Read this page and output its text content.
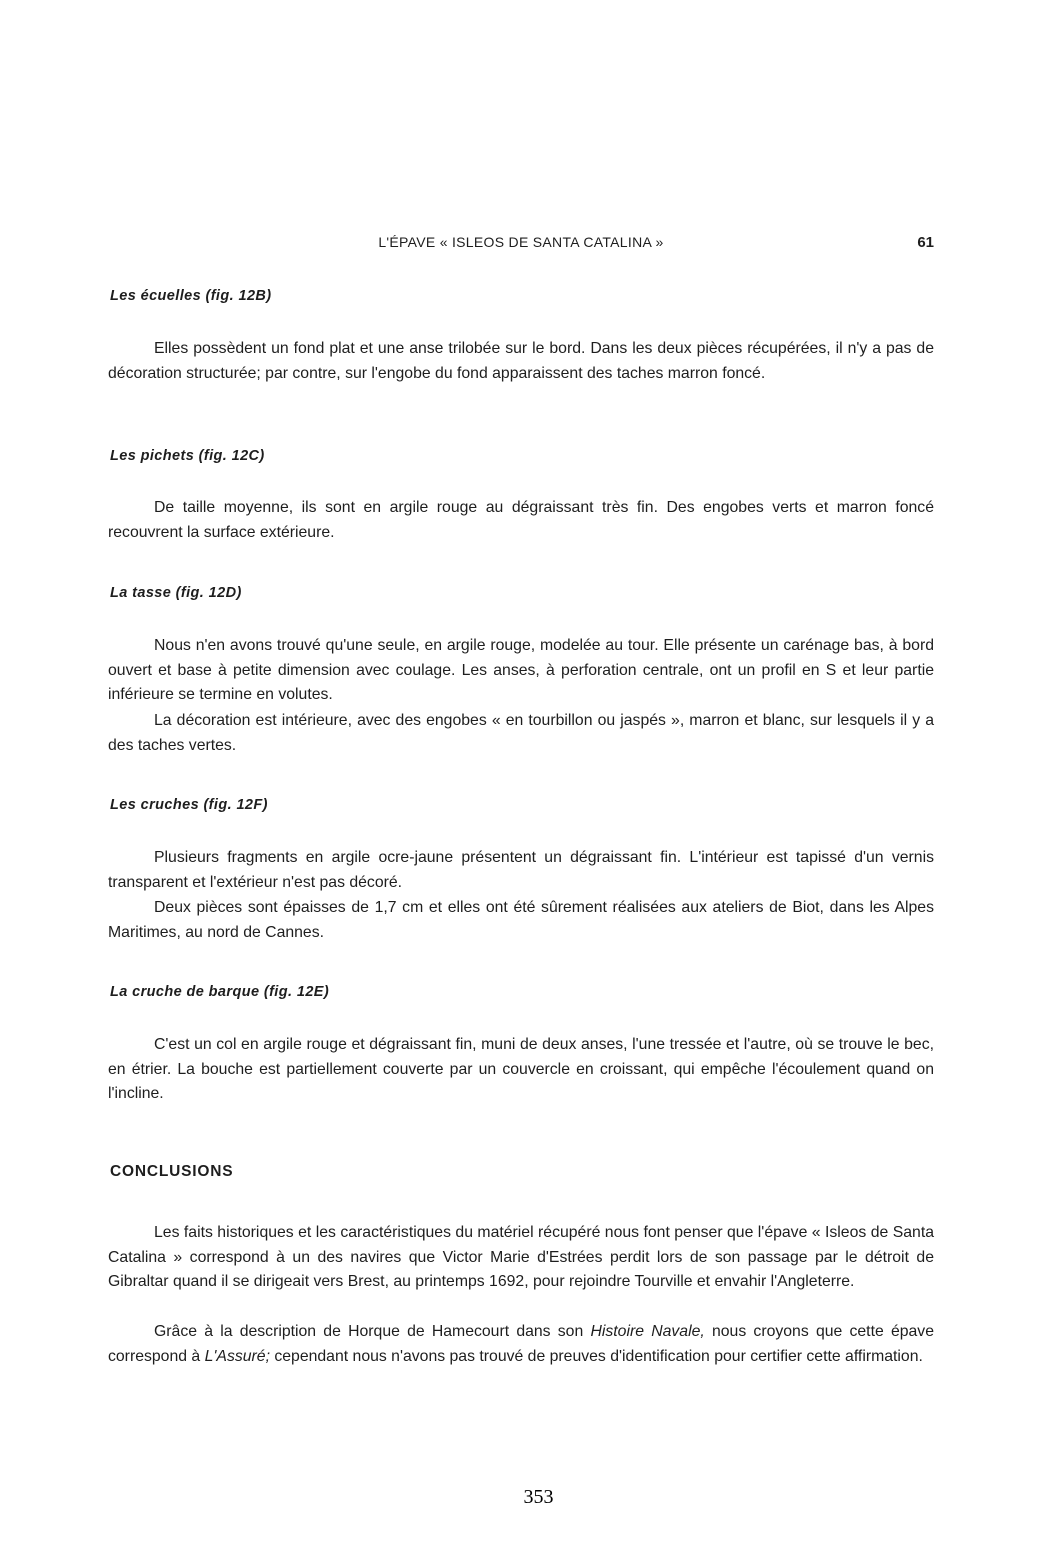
L'ÉPAVE « ISLEOS DE SANTA CATALINA »	61
Les écuelles (fig. 12B)

Elles possèdent un fond plat et une anse trilobée sur le bord. Dans les deux pièces récupérées, il n'y a pas de décoration structurée; par contre, sur l'engobe du fond apparaissent des taches marron foncé.

Les pichets (fig. 12C)

De taille moyenne, ils sont en argile rouge au dégraissant très fin. Des engobes verts et marron foncé recouvrent la surface extérieure.

La tasse (fig. 12D)

Nous n'en avons trouvé qu'une seule, en argile rouge, modelée au tour. Elle présente un carénage bas, à bord ouvert et base à petite dimension avec coulage. Les anses, à perforation centrale, ont un profil en S et leur partie inférieure se termine en volutes.

La décoration est intérieure, avec des engobes « en tourbillon ou jaspés », marron et blanc, sur lesquels il y a des taches vertes.

Les cruches (fig. 12F)

Plusieurs fragments en argile ocre-jaune présentent un dégraissant fin. L'intérieur est tapissé d'un vernis transparent et l'extérieur n'est pas décoré.

Deux pièces sont épaisses de 1,7 cm et elles ont été sûrement réalisées aux ateliers de Biot, dans les Alpes Maritimes, au nord de Cannes.

La cruche de barque (fig. 12E)

C'est un col en argile rouge et dégraissant fin, muni de deux anses, l'une tressée et l'autre, où se trouve le bec, en étrier. La bouche est partiellement couverte par un couvercle en croissant, qui empêche l'écoulement quand on l'incline.

CONCLUSIONS

Les faits historiques et les caractéristiques du matériel récupéré nous font penser que l'épave « Isleos de Santa Catalina » correspond à un des navires que Victor Marie d'Estrées perdit lors de son passage par le détroit de Gibraltar quand il se dirigeait vers Brest, au printemps 1692, pour rejoindre Tourville et envahir l'Angleterre.

Grâce à la description de Horque de Hamecourt dans son Histoire Navale, nous croyons que cette épave correspond à L'Assuré; cependant nous n'avons pas trouvé de preuves d'identification pour certifier cette affirmation.

353
